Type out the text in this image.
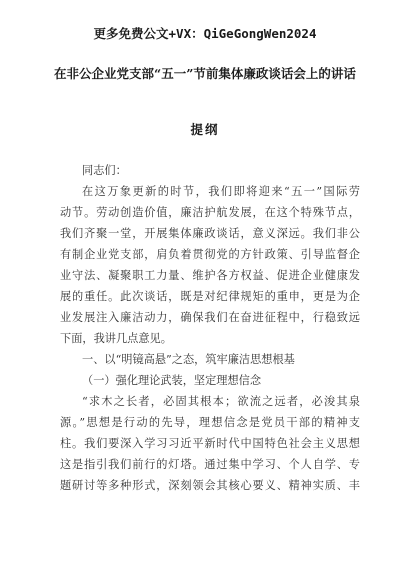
更多免费公文+VX：QiGeGongWen2024
在非公企业党支部“五一”节前集体廉政谈话会上的讲话
提纲
同志们：
在这万象更新的时节，我们即将迎来“五一”国际劳
动节。劳动创造价值，廉洁护航发展，在这个特殊节点，
我们齐聚一堂，开展集体廉政谈话，意义深远。我们非公
有制企业党支部，肩负着贯彻党的方针政策、引导监督企
业守法、凝聚职工力量、维护各方权益、促进企业健康发
展的重任。此次谈话，既是对纪律规矩的重申，更是为企
业发展注入廉洁动力，确保我们在奋进征程中，行稳致远
下面，我讲几点意见。
一、以“明镜高悬”之态，筑牢廉洁思想根基
（一）强化理论武装，坚定理想信念
“求木之长者，必固其根本；欲流之远者，必浚其泉
源。”思想是行动的先导，理想信念是党员干部的精神支
柱。我们要深入学习习近平新时代中国特色社会主义思想
这是指引我们前行的灯塔。通过集中学习、个人自学、专
题研讨等多种形式，深刻领会其核心要义、精神实质、丰
